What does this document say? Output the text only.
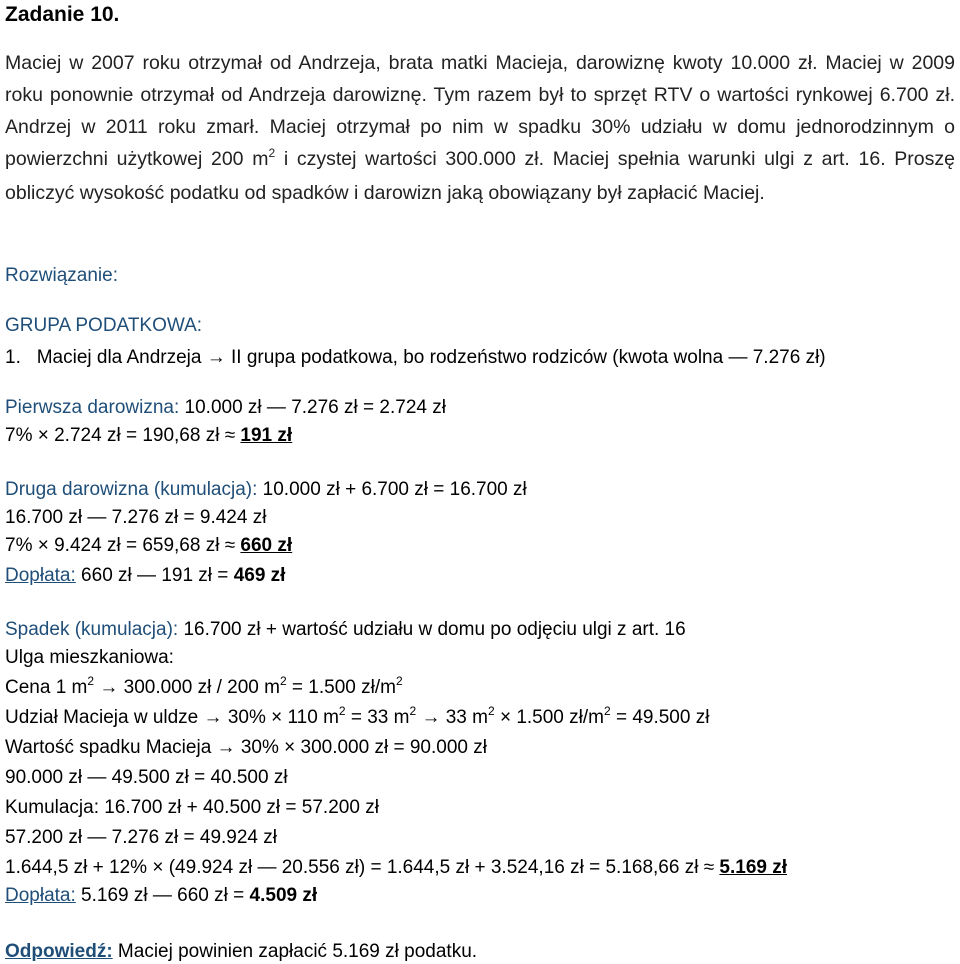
Zadanie 10.
Maciej w 2007 roku otrzymał od Andrzeja, brata matki Macieja, darowiznę kwoty 10.000 zł. Maciej w 2009 roku ponownie otrzymał od Andrzeja darowiznę. Tym razem był to sprzęt RTV o wartości rynkowej 6.700 zł. Andrzej w 2011 roku zmarł. Maciej otrzymał po nim w spadku 30% udziału w domu jednorodzinnym o powierzchni użytkowej 200 $m^2$ i czystej wartości 300.000 zł. Maciej spełnia warunki ulgi z art. 16. Proszę obliczyć wysokość podatku od spadków i darowizn jaką obowiązany był zapłacić Maciej.
Rozwiązanie:
GRUPA PODATKOWA:
1. Maciej dla Andrzeja → II grupa podatkowa, bo rodzeństwo rodziców (kwota wolna — 7.276 zł)
Pierwsza darowizna: 10.000 zł — 7.276 zł = 2.724 zł
7% × 2.724 zł = 190,68 zł ≈ 191 zł
Druga darowizna (kumulacja): 10.000 zł + 6.700 zł = 16.700 zł
16.700 zł — 7.276 zł = 9.424 zł
7% × 9.424 zł = 659,68 zł ≈ 660 zł
Dopłata: 660 zł — 191 zł = 469 zł
Spadek (kumulacja): 16.700 zł + wartość udziału w domu po odjęciu ulgi z art. 16
Ulga mieszkaniowa:
Cena 1 $m^2 \to 300.000$ zł / 200 $m^2 = 1.500$ $zł/m^2$
Udział Macieja w uldze → 30% × 110 $m^2 = 33$ $m^2 \to 33$ $m^2 \times 1.500$ $zł/m^2 = 49.500$ zł
Wartość spadku Macieja → 30% × 300.000 zł = 90.000 zł
90.000 zł — 49.500 zł = 40.500 zł
Kumulacja: 16.700 zł + 40.500 zł = 57.200 zł
57.200 zł — 7.276 zł = 49.924 zł
1.644,5 zł + 12% × (49.924 zł — 20.556 zł) = 1.644,5 zł + 3.524,16 zł = 5.168,66 zł ≈ 5.169 zł
Dopłata: 5.169 zł — 660 zł = 4.509 zł
Odpowiedź: Maciej powinien zapłacić 5.169 zł podatku.
